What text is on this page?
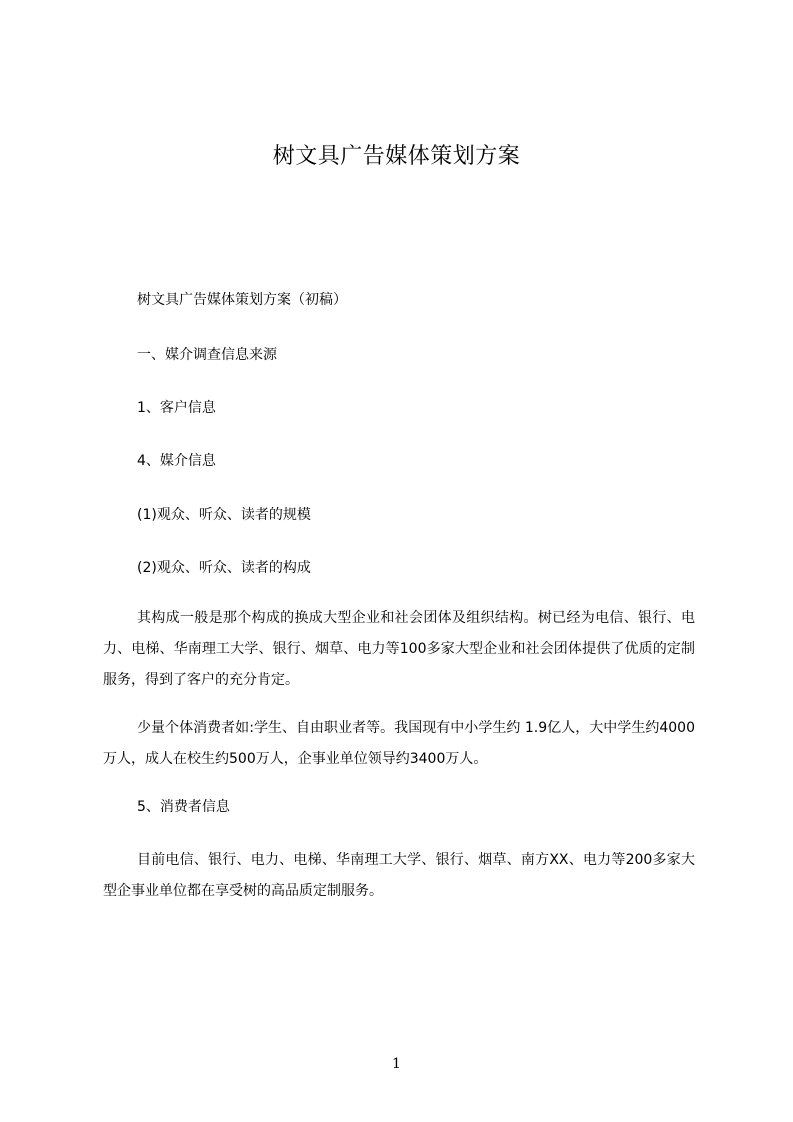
树文具广告媒体策划方案
树文具广告媒体策划方案（初稿）
一、媒介调查信息来源
1、客户信息
4、媒介信息
(1)观众、听众、读者的规模
(2)观众、听众、读者的构成
其构成一般是那个构成的换成大型企业和社会团体及组织结构。树已经为电信、银行、电力、电梯、华南理工大学、银行、烟草、电力等100多家大型企业和社会团体提供了优质的定制服务，得到了客户的充分肯定。
少量个体消费者如:学生、自由职业者等。我国现有中小学生约 1.9亿人，大中学生约4000万人，成人在校生约500万人，企事业单位领导约3400万人。
5、消费者信息
目前电信、银行、电力、电梯、华南理工大学、银行、烟草、南方XX、电力等200多家大型企事业单位都在享受树的高品质定制服务。
1
